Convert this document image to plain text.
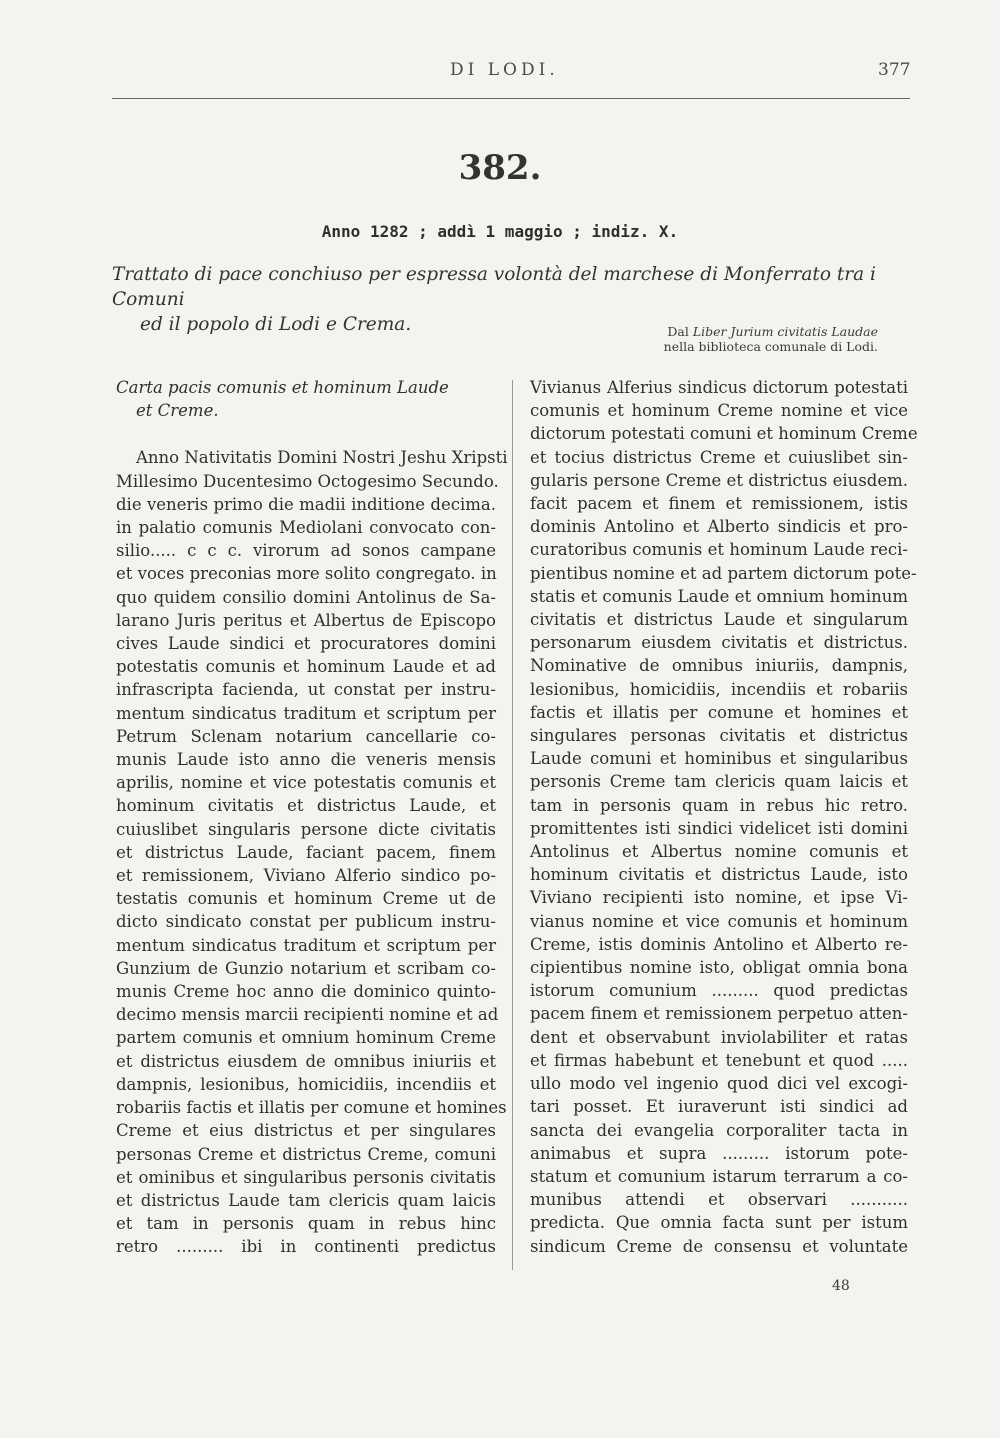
DI LODI.	377
382.
Anno 1282 ; addì 1 maggio ; indiz. X.
Trattato di pace conchiuso per espressa volontà del marchese di Monferrato tra i Comuni
ed il popolo di Lodi e Crema.	Dal Liber Jurium civitatis Laudae
nella biblioteca comunale di Lodi.
Carta pacis comunis et hominum Laude
et Creme.
Anno Nativitatis Domini Nostri Jeshu Xripsti
Millesimo Ducentesimo Octogesimo Secundo.
die veneris primo die madii inditione decima.
in palatio comunis Mediolani convocato con-
silio..... c c c. virorum ad sonos campane
et voces preconias more solito congregato. in
quo quidem consilio domini Antolinus de Sa-
larano Juris peritus et Albertus de Episcopo
cives Laude sindici et procuratores domini
potestatis comunis et hominum Laude et ad
infrascripta facienda, ut constat per instru-
mentum sindicatus traditum et scriptum per
Petrum Sclenam notarium cancellarie co-
munis Laude isto anno die veneris mensis
aprilis, nomine et vice potestatis comunis et
hominum civitatis et districtus Laude, et
cuiuslibet singularis persone dicte civitatis
et districtus Laude, faciant pacem, finem
et remissionem, Viviano Alferio sindico po-
testatis comunis et hominum Creme ut de
dicto sindicato constat per publicum instru-
mentum sindicatus traditum et scriptum per
Gunzium de Gunzio notarium et scribam co-
munis Creme hoc anno die dominico quinto-
decimo mensis marcii recipienti nomine et ad
partem comunis et omnium hominum Creme
et districtus eiusdem de omnibus iniuriis et
dampnis, lesionibus, homicidiis, incendiis et
robariis factis et illatis per comune et homines
Creme et eius districtus et per singulares
personas Creme et districtus Creme, comuni
et ominibus et singularibus personis civitatis
et districtus Laude tam clericis quam laicis
et tam in personis quam in rebus hinc
retro ......... ibi in continenti predictus
Vivianus Alferius sindicus dictorum potestati
comunis et hominum Creme nomine et vice
dictorum potestati comuni et hominum Creme
et tocius districtus Creme et cuiuslibet sin-
gularis persone Creme et districtus eiusdem.
facit pacem et finem et remissionem, istis
dominis Antolino et Alberto sindicis et pro-
curatoribus comunis et hominum Laude reci-
pientibus nomine et ad partem dictorum pote-
statis et comunis Laude et omnium hominum
civitatis et districtus Laude et singularum
personarum eiusdem civitatis et districtus.
Nominative de omnibus iniuriis, dampnis,
lesionibus, homicidiis, incendiis et robariis
factis et illatis per comune et homines et
singulares personas civitatis et districtus
Laude comuni et hominibus et singularibus
personis Creme tam clericis quam laicis et
tam in personis quam in rebus hic retro.
promittentes isti sindici videlicet isti domini
Antolinus et Albertus nomine comunis et
hominum civitatis et districtus Laude, isto
Viviano recipienti isto nomine, et ipse Vi-
vianus nomine et vice comunis et hominum
Creme, istis dominis Antolino et Alberto re-
cipientibus nomine isto, obligat omnia bona
istorum comunium ......... quod predictas
pacem finem et remissionem perpetuo atten-
dent et observabunt inviolabiliter et ratas
et firmas habebunt et tenebunt et quod .....
ullo modo vel ingenio quod dici vel excogi-
tari posset. Et iuraverunt isti sindici ad
sancta dei evangelia corporaliter tacta in
animabus et supra ......... istorum pote-
statum et comunium istarum terrarum a co-
munibus attendi et observari ...........
predicta. Que omnia facta sunt per istum
sindicum Creme de consensu et voluntate
48
